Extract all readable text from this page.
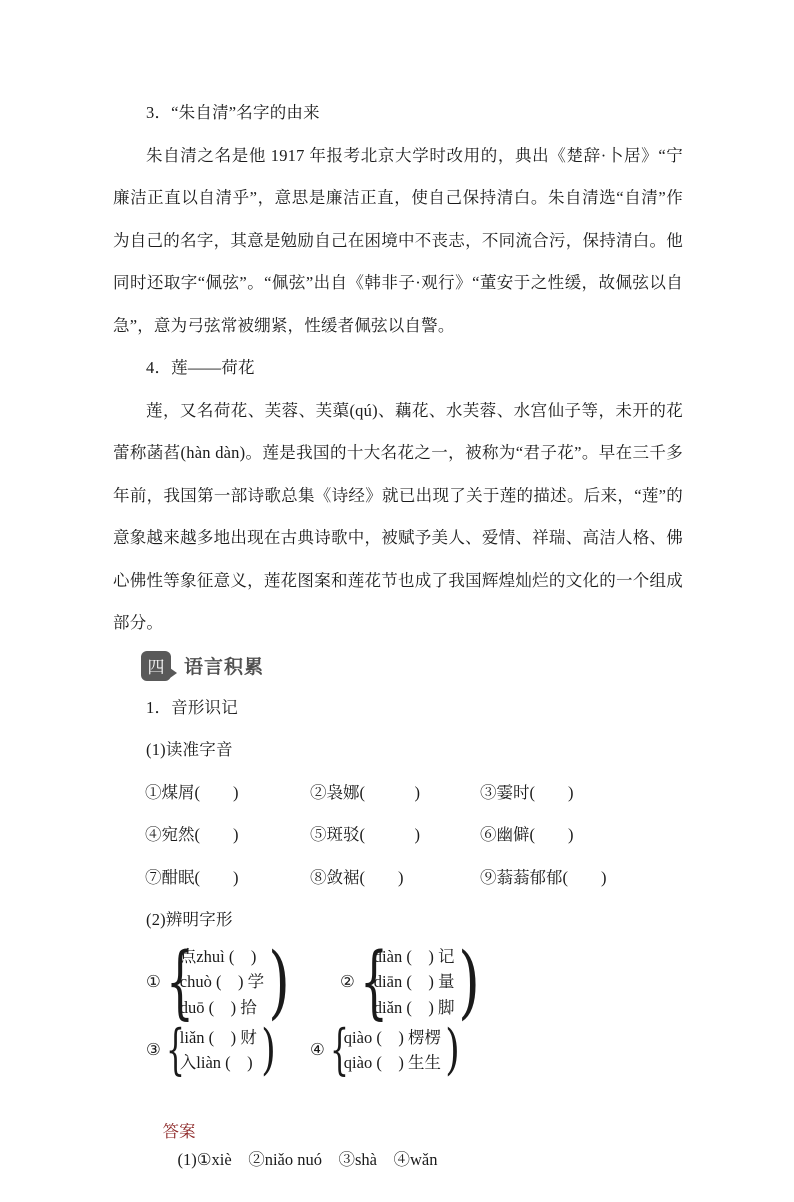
3．“朱自清”名字的由来

朱自清之名是他 1917 年报考北京大学时改用的，典出《楚辞·卜居》“宁廉洁正直以自清乎”，意思是廉洁正直，使自己保持清白。朱自清选“自清”作为自己的名字，其意是勉励自己在困境中不丧志，不同流合污，保持清白。他同时还取字“佩弦”。“佩弦”出自《韩非子·观行》“董安于之性缓，故佩弦以自急”，意为弓弦常被绷紧，性缓者佩弦以自警。

4．莲——荷花

莲，又名荷花、芙蓉、芙蕖(qú)、藕花、水芙蓉、水宫仙子等，未开的花蕾称菡萏(hàn dàn)。莲是我国的十大名花之一，被称为“君子花”。早在三千多年前，我国第一部诗歌总集《诗经》就已出现了关于莲的描述。后来，“莲”的意象越来越多地出现在古典诗歌中，被赋予美人、爱情、祥瑞、高洁人格、佛心佛性等象征意义，莲花图案和莲花节也成了我国辉煌灿烂的文化的一个组成部分。

四 语言积累

1．音形识记

(1)读准字音

①煤屑(　　)	②袅娜(　　　)	③霎时(　　)
④宛然(　　)	⑤斑驳(　　　)	⑥幽僻(　　)
⑦酣眠(　　)	⑧敛裾(　　)	⑨蓊蓊郁郁(　　)

(2)辨明字形

① {
点zhuì (　)
chuò (　) 学
duō (　) 拾 )	② {
diàn (　) 记
diān (　) 量
diǎn (　) 脚 )
③ {
liǎn (　) 财
入liàn (　) ) ④ {
qiào (　) 楞楞
qiào (　) 生生 )

答案
(1)①xiè　②niǎo nuó　③shà　④wǎn
